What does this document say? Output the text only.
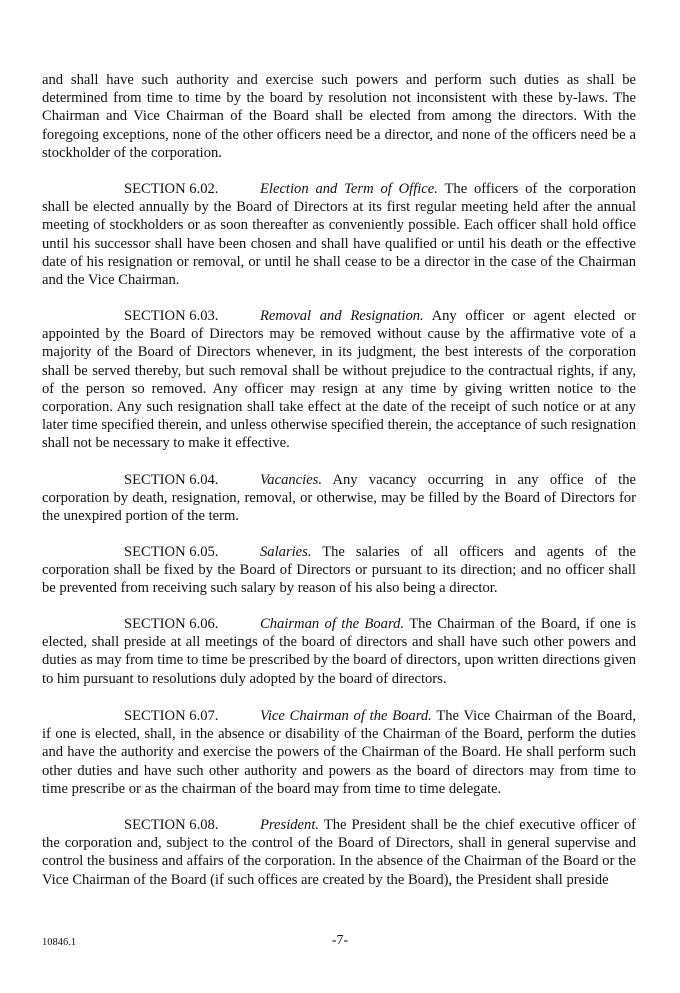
and shall have such authority and exercise such powers and perform such duties as shall be determined from time to time by the board by resolution not inconsistent with these by-laws. The Chairman and Vice Chairman of the Board shall be elected from among the directors. With the foregoing exceptions, none of the other officers need be a director, and none of the officers need be a stockholder of the corporation.

SECTION 6.02.	Election and Term of Office. The officers of the corporation shall be elected annually by the Board of Directors at its first regular meeting held after the annual meeting of stockholders or as soon thereafter as conveniently possible. Each officer shall hold office until his successor shall have been chosen and shall have qualified or until his death or the effective date of his resignation or removal, or until he shall cease to be a director in the case of the Chairman and the Vice Chairman.

SECTION 6.03.	Removal and Resignation. Any officer or agent elected or appointed by the Board of Directors may be removed without cause by the affirmative vote of a majority of the Board of Directors whenever, in its judgment, the best interests of the corporation shall be served thereby, but such removal shall be without prejudice to the contractual rights, if any, of the person so removed. Any officer may resign at any time by giving written notice to the corporation. Any such resignation shall take effect at the date of the receipt of such notice or at any later time specified therein, and unless otherwise specified therein, the acceptance of such resignation shall not be necessary to make it effective.

SECTION 6.04.	Vacancies. Any vacancy occurring in any office of the corporation by death, resignation, removal, or otherwise, may be filled by the Board of Directors for the unexpired portion of the term.

SECTION 6.05.	Salaries. The salaries of all officers and agents of the corporation shall be fixed by the Board of Directors or pursuant to its direction; and no officer shall be prevented from receiving such salary by reason of his also being a director.

SECTION 6.06.	Chairman of the Board. The Chairman of the Board, if one is elected, shall preside at all meetings of the board of directors and shall have such other powers and duties as may from time to time be prescribed by the board of directors, upon written directions given to him pursuant to resolutions duly adopted by the board of directors.

SECTION 6.07.	Vice Chairman of the Board. The Vice Chairman of the Board, if one is elected, shall, in the absence or disability of the Chairman of the Board, perform the duties and have the authority and exercise the powers of the Chairman of the Board. He shall perform such other duties and have such other authority and powers as the board of directors may from time to time prescribe or as the chairman of the board may from time to time delegate.

SECTION 6.08.	President. The President shall be the chief executive officer of the corporation and, subject to the control of the Board of Directors, shall in general supervise and control the business and affairs of the corporation. In the absence of the Chairman of the Board or the Vice Chairman of the Board (if such offices are created by the Board), the President shall preside

10846.1	-7-
